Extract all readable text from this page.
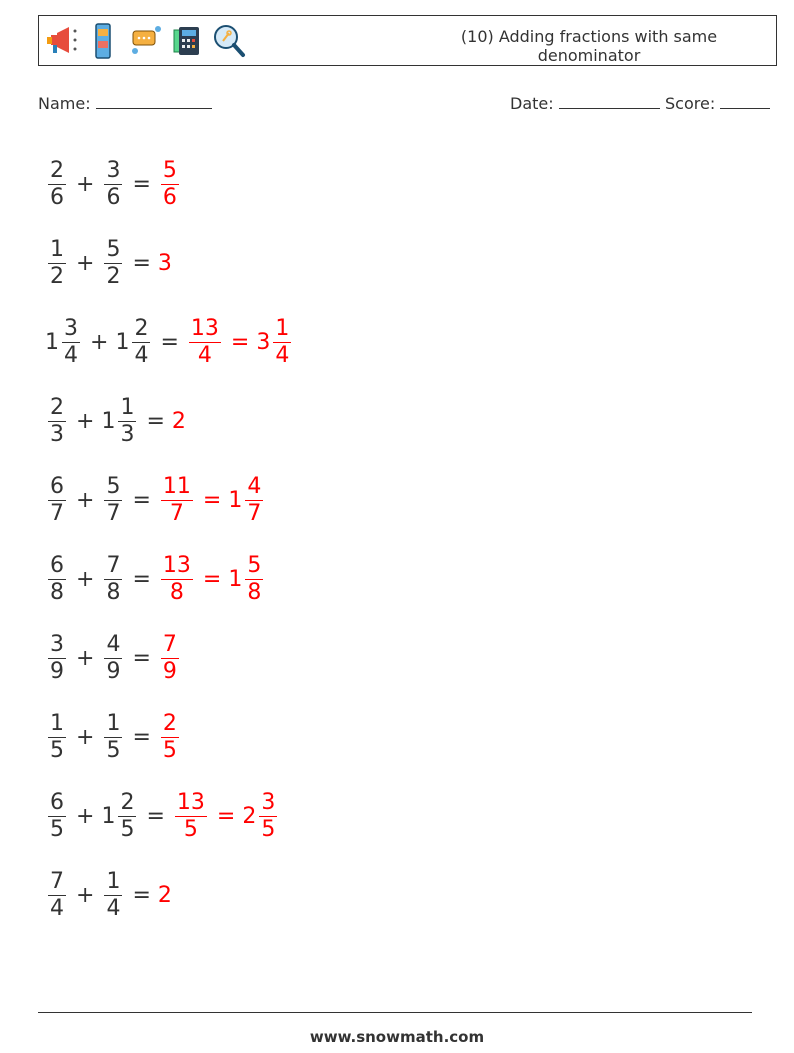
(10) Adding fractions with same denominator
Name:	Date:	Score:
$\frac{2}{6} + \frac{3}{6} = \frac{5}{6}$
$\frac{1}{2} + \frac{5}{2} = 3$
$1 \frac{3}{4} + 1 \frac{2}{4} = \frac{13}{4} = 3 \frac{1}{4}$
$\frac{2}{3} + 1 \frac{1}{3} = 2$
$\frac{6}{7} + \frac{5}{7} = \frac{11}{7} = 1 \frac{4}{7}$
$\frac{6}{8} + \frac{7}{8} = \frac{13}{8} = 1 \frac{5}{8}$
$\frac{3}{9} + \frac{4}{9} = \frac{7}{9}$
$\frac{1}{5} + \frac{1}{5} = \frac{2}{5}$
$\frac{6}{5} + 1 \frac{2}{5} = \frac{13}{5} = 2 \frac{3}{5}$
$\frac{7}{4} + \frac{1}{4} = 2$
www.snowmath.com
